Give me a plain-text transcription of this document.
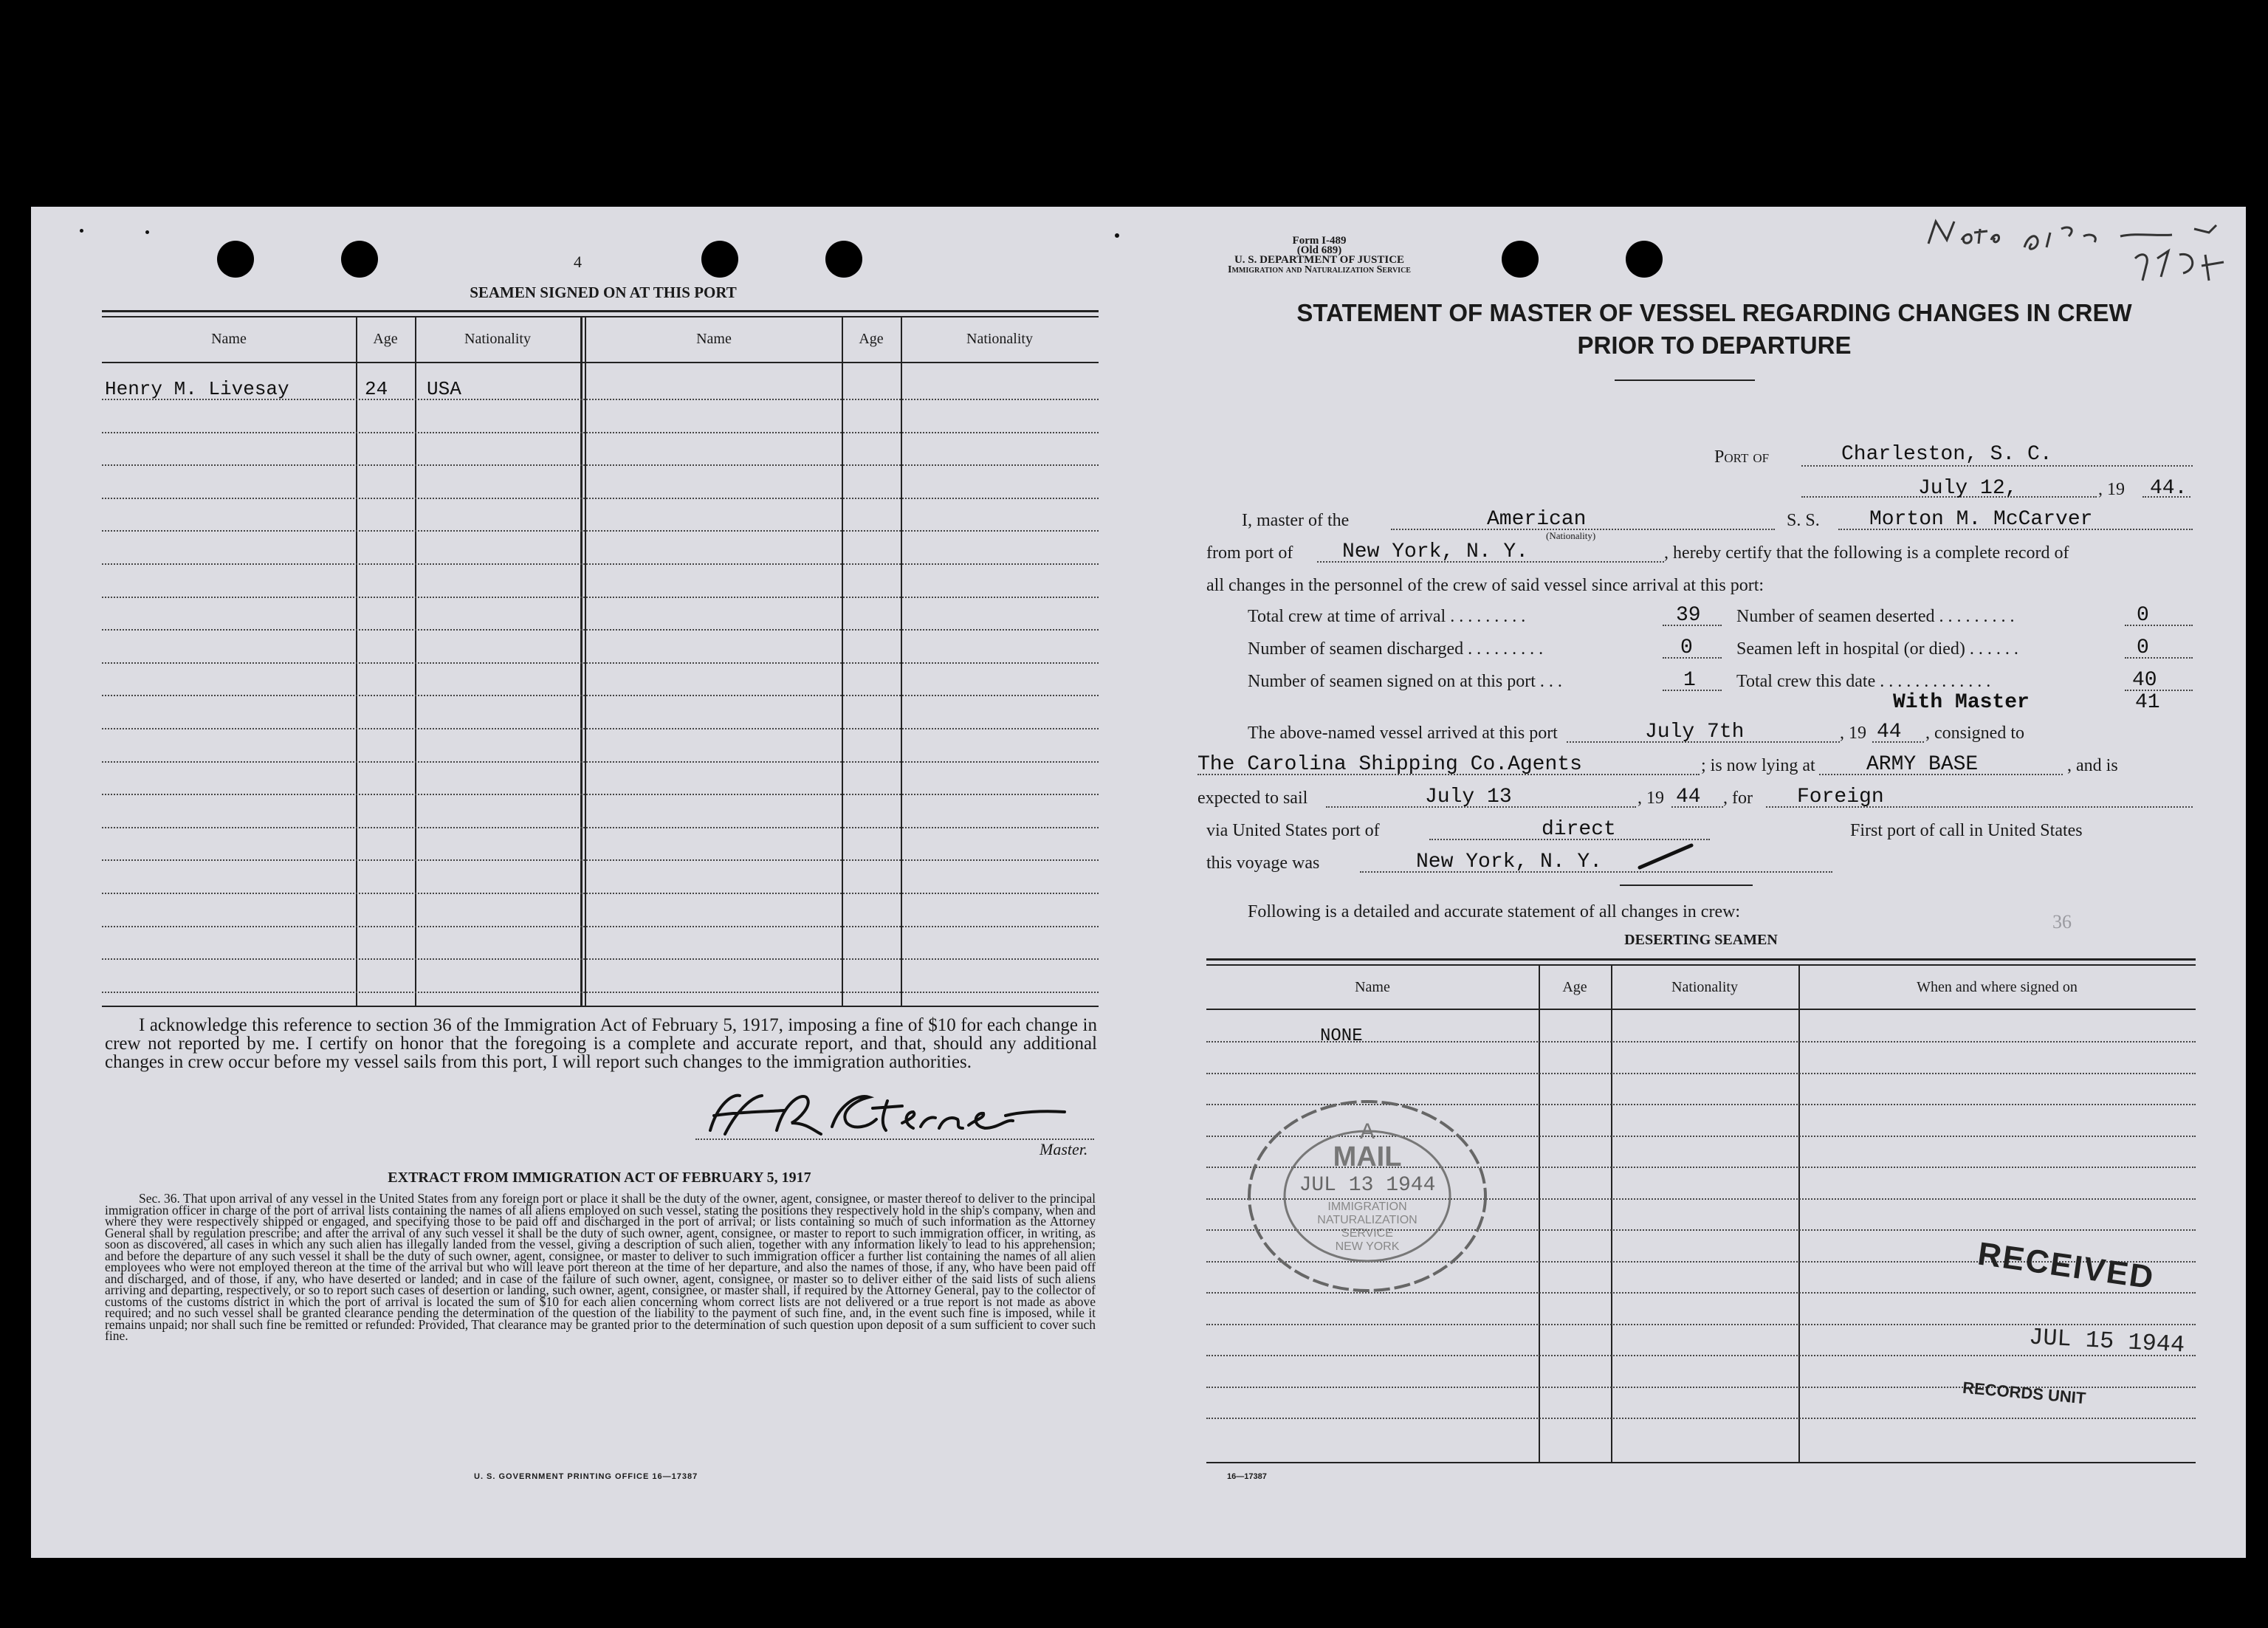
4
SEAMEN SIGNED ON AT THIS PORT
Name	Age	Nationality	Name	Age	Nationality
Henry M. Livesay	24 USA
I acknowledge this reference to section 36 of the Immigration Act of February 5, 1917, imposing a fine of $10 for each change in crew not reported by me. I certify on honor that the foregoing is a complete and accurate report, and that, should any additional changes in crew occur before my vessel sails from this port, I will report such changes to the immigration authorities.
Master.
EXTRACT FROM IMMIGRATION ACT OF FEBRUARY 5, 1917
Sec. 36. That upon arrival of any vessel in the United States from any foreign port or place it shall be the duty of the owner, agent, consignee, or master thereof to deliver to the principal immigration officer in charge of the port of arrival lists containing the names of all aliens employed on such vessel, stating the positions they respectively hold in the ship's company, when and where they were respectively shipped or engaged, and specifying those to be paid off and discharged in the port of arrival; or lists containing so much of such information as the Attorney General shall by regulation prescribe; and after the arrival of any such vessel it shall be the duty of such owner, agent, consignee, or master to report to such immigration officer, in writing, as soon as discovered, all cases in which any such alien has illegally landed from the vessel, giving a description of such alien, together with any information likely to lead to his apprehension; and before the departure of any such vessel it shall be the duty of such owner, agent, consignee, or master to deliver to such immigration officer a further list containing the names of all alien employees who were not employed thereon at the time of the arrival but who will leave port thereon at the time of her departure, and also the names of those, if any, who have been paid off and discharged, and of those, if any, who have deserted or landed; and in case of the failure of such owner, agent, consignee, or master so to deliver either of the said lists of such aliens arriving and departing, respectively, or so to report such cases of desertion or landing, such owner, agent, consignee, or master shall, if required by the Attorney General, pay to the collector of customs of the customs district in which the port of arrival is located the sum of $10 for each alien concerning whom correct lists are not delivered or a true report is not made as above required; and no such vessel shall be granted clearance pending the determination of the question of the liability to the payment of such fine, and, in the event such fine is imposed, while it remains unpaid; nor shall such fine be remitted or refunded: Provided, That clearance may be granted prior to the determination of such question upon deposit of a sum sufficient to cover such fine.
U. S. GOVERNMENT PRINTING OFFICE 16—17387
Form I-489
(Old 689)
U. S. DEPARTMENT OF JUSTICE
Immigration and Naturalization Service
STATEMENT OF MASTER OF VESSEL REGARDING CHANGES IN CREW
PRIOR TO DEPARTURE
Port of	Charleston, S. C.
July 12,	, 19 44.
I, master of the	American
(Nationality)
S. S. Morton M. McCarver
from port of New York, N. Y.	, hereby certify that the following is a complete record of
all changes in the personnel of the crew of said vessel since arrival at this port:
Total crew at time of arrival . . . . . . . . .	39 Number of seamen deserted . . . . . . . . .	0
Number of seamen discharged . . . . . . . . .	0 Seamen left in hospital (or died) . . . . . .	0
Number of seamen signed on at this port . . .	1 Total crew this date . . . . . . . . . . . . .	40
With Master	41
The above-named vessel arrived at this port	July 7th	, 19 44 , consigned to
The Carolina Shipping Co.Agents	; is now lying at ARMY BASE	, and is
expected to sail	July 13	, 19 44 , for Foreign
via United States port of	direct	First port of call in United States
this voyage was	New York, N. Y.
Following is a detailed and accurate statement of all changes in crew:	36
DESERTING SEAMEN
Name	Age	Nationality	When and where signed on
NONE
A
MAIL
JUL 13 1944
IMMIGRATION
NATURALIZATION
SERVICE
NEW YORK	RECEIVED
JUL 15 1944
RECORDS UNIT
16—17387
